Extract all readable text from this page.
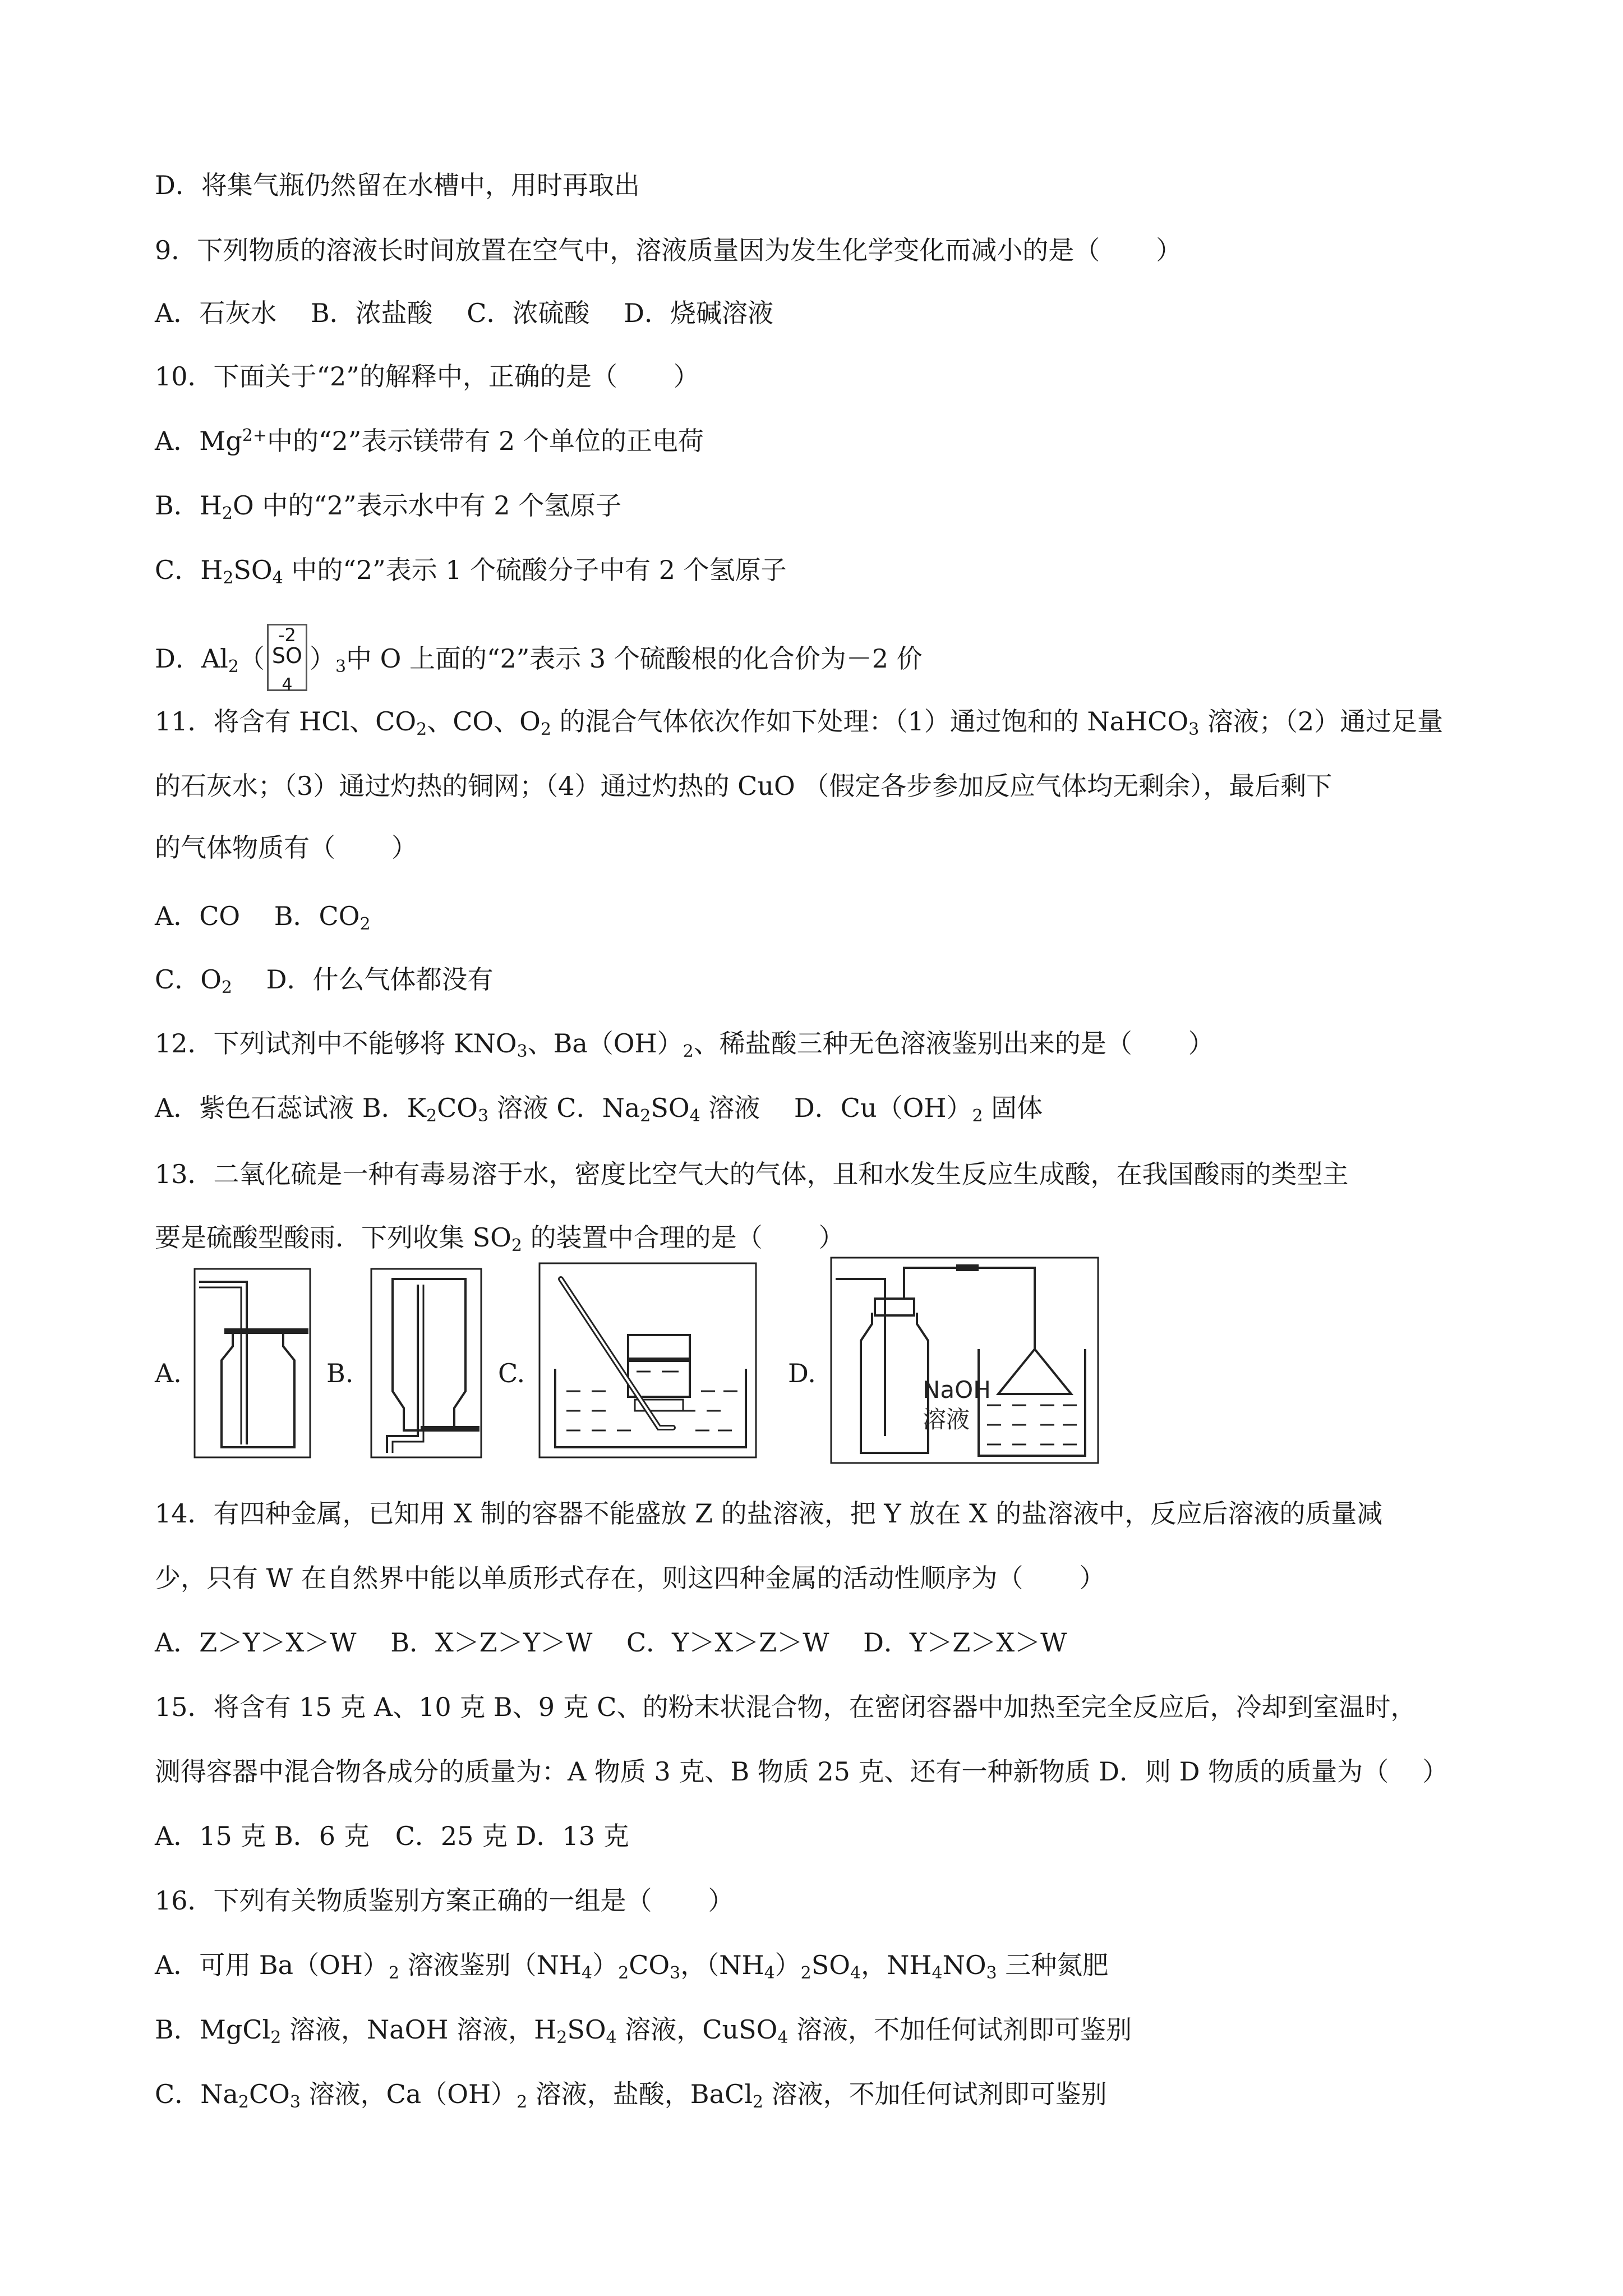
D．将集气瓶仍然留在水槽中，用时再取出

9．下列物质的溶液长时间放置在空气中，溶液质量因为发生化学变化而减小的是（ ）

A．石灰水　 B．浓盐酸　 C．浓硫酸　 D．烧碱溶液

10．下面关于“2”的解释中，正确的是（ ）

A．$Mg^{2+}$中的“2”表示镁带有 2 个单位的正电荷

B．$H_2O$ 中的“2”表示水中有 2 个氢原子

C．$H_2SO_4$ 中的“2”表示 1 个硫酸分子中有 2 个氢原子

D．$Al_2$（
-2
SO
$_4$
）$_3$中 O 上面的“2”表示 3 个硫酸根的化合价为－2 价

11．将含有 HCl、$CO_2$、CO、$O_2$ 的混合气体依次作如下处理：（1）通过饱和的 NaHCO$_3$ 溶液；（2）通过足量

的石灰水；（3）通过灼热的铜网；（4）通过灼热的 CuO （假定各步参加反应气体均无剩余），最后剩下

的气体物质有（ ）

A．CO　 B．$CO_2$

C．$O_2$　 D．什么气体都没有

12．下列试剂中不能够将 $KNO_3$、$Ba(OH)_2$、稀盐酸三种无色溶液鉴别出来的是（ ）

A．紫色石蕊试液 B．$K_2CO_3$ 溶液 C．$Na_2SO_4$ 溶液　 D．$Cu(OH)_2$ 固体

13．二氧化硫是一种有毒易溶于水，密度比空气大的气体，且和水发生反应生成酸，在我国酸雨的类型主

要是硫酸型酸雨．下列收集 $SO_2$ 的装置中合理的是（ ）

A.	B.	C.	D.
NaOH
溶液

14．有四种金属，已知用 X 制的容器不能盛放 Z 的盐溶液，把 Y 放在 X 的盐溶液中，反应后溶液的质量减

少，只有 W 在自然界中能以单质形式存在，则这四种金属的活动性顺序为（ ）

A．Z＞Y＞X＞W　 B．X＞Z＞Y＞W　 C．Y＞X＞Z＞W　 D．Y＞Z＞X＞W

15．将含有 15 克 A、10 克 B、9 克 C、的粉末状混合物，在密闭容器中加热至完全反应后，冷却到室温时，

测得容器中混合物各成分的质量为：A 物质 3 克、B 物质 25 克、还有一种新物质 D．则 D 物质的质量为（ ）

A．15 克 B．6 克　C．25 克 D．13 克

16．下列有关物质鉴别方案正确的一组是（ ）

A．可用 $Ba(OH)_2$ 溶液鉴别$(NH_4)_2CO_3$，$(NH_4)_2SO_4$，$NH_4NO_3$ 三种氮肥

B．MgCl$_2$ 溶液，NaOH 溶液，$H_2SO_4$ 溶液，CuSO$_4$ 溶液，不加任何试剂即可鉴别

C．$Na_2CO_3$ 溶液，$Ca(OH)_2$ 溶液，盐酸，BaCl$_2$ 溶液，不加任何试剂即可鉴别
